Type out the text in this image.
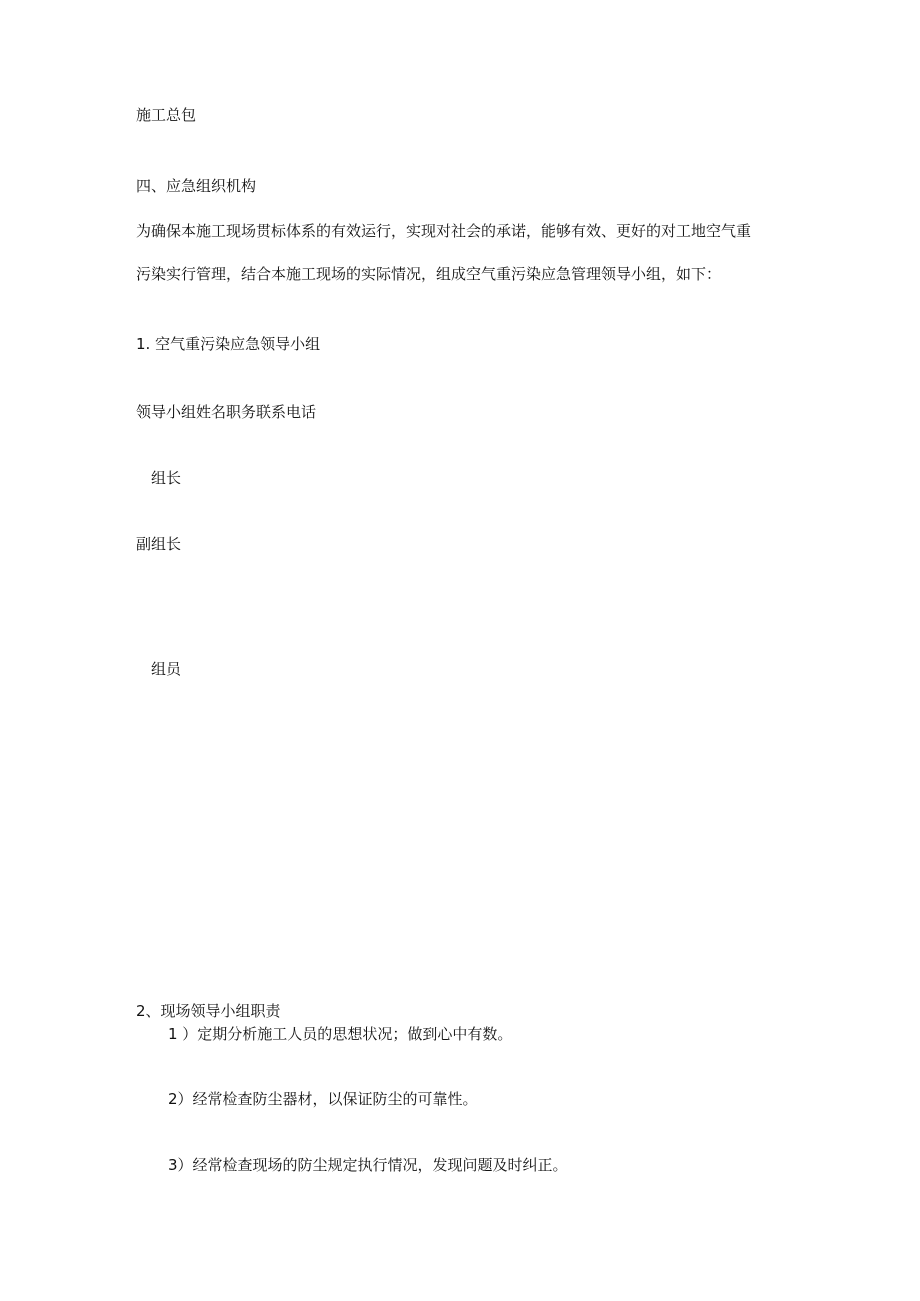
施工总包
四、应急组织机构
为确保本施工现场贯标体系的有效运行，实现对社会的承诺，能够有效、更好的对工地空气重
污染实行管理，结合本施工现场的实际情况，组成空气重污染应急管理领导小组，如下：
1. 空气重污染应急领导小组
领导小组姓名职务联系电话
组长
副组长
组员
2、现场领导小组职责
1 ）定期分析施工人员的思想状况；做到心中有数。
2）经常检查防尘器材，以保证防尘的可靠性。
3）经常检查现场的防尘规定执行情况，发现问题及时纠正。
